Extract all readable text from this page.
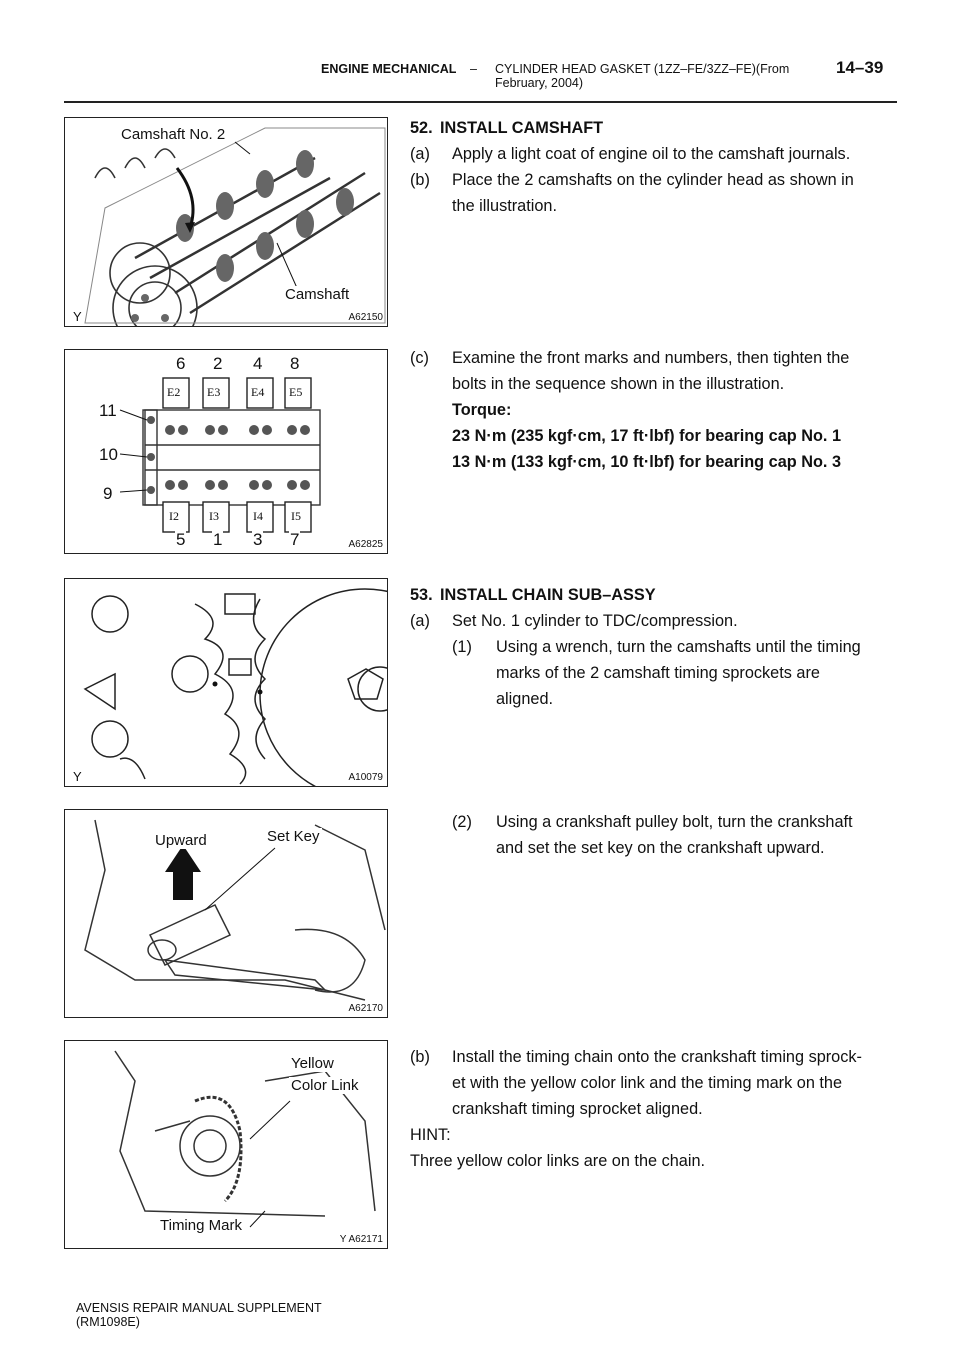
ENGINE MECHANICAL – CYLINDER HEAD GASKET (1ZZ–FE/3ZZ–FE)(From February, 2004)
14–39
Camshaft No. 2
Camshaft
Y	A62150
6 2 4 8
5 1 3 7
11
10
9
E2 E3	E4 E5
I2	I3	I4 I5
A62825
Y	A10079
Upward	Set Key
A62170
Yellow
Color Link
Timing Mark
Y A62171
52. INSTALL CAMSHAFT
(a) Apply a light coat of engine oil to the camshaft journals.
(b) Place the 2 camshafts on the cylinder head as shown in
the illustration.
(c) Examine the front marks and numbers, then tighten the
bolts in the sequence shown in the illustration.
Torque:
23 N·m (235 kgf·cm, 17 ft·lbf) for bearing cap No. 1
13 N·m (133 kgf·cm, 10 ft·lbf) for bearing cap No. 3
53. INSTALL CHAIN SUB–ASSY
(a) Set No. 1 cylinder to TDC/compression.
(1) Using a wrench, turn the camshafts until the timing
marks of the 2 camshaft timing sprockets are
aligned.
(2) Using a crankshaft pulley bolt, turn the crankshaft
and set the set key on the crankshaft upward.
(b) Install the timing chain onto the crankshaft timing sprock-
et with the yellow color link and the timing mark on the
crankshaft timing sprocket aligned.
HINT:
Three yellow color links are on the chain.
AVENSIS REPAIR MANUAL SUPPLEMENT
(RM1098E)
